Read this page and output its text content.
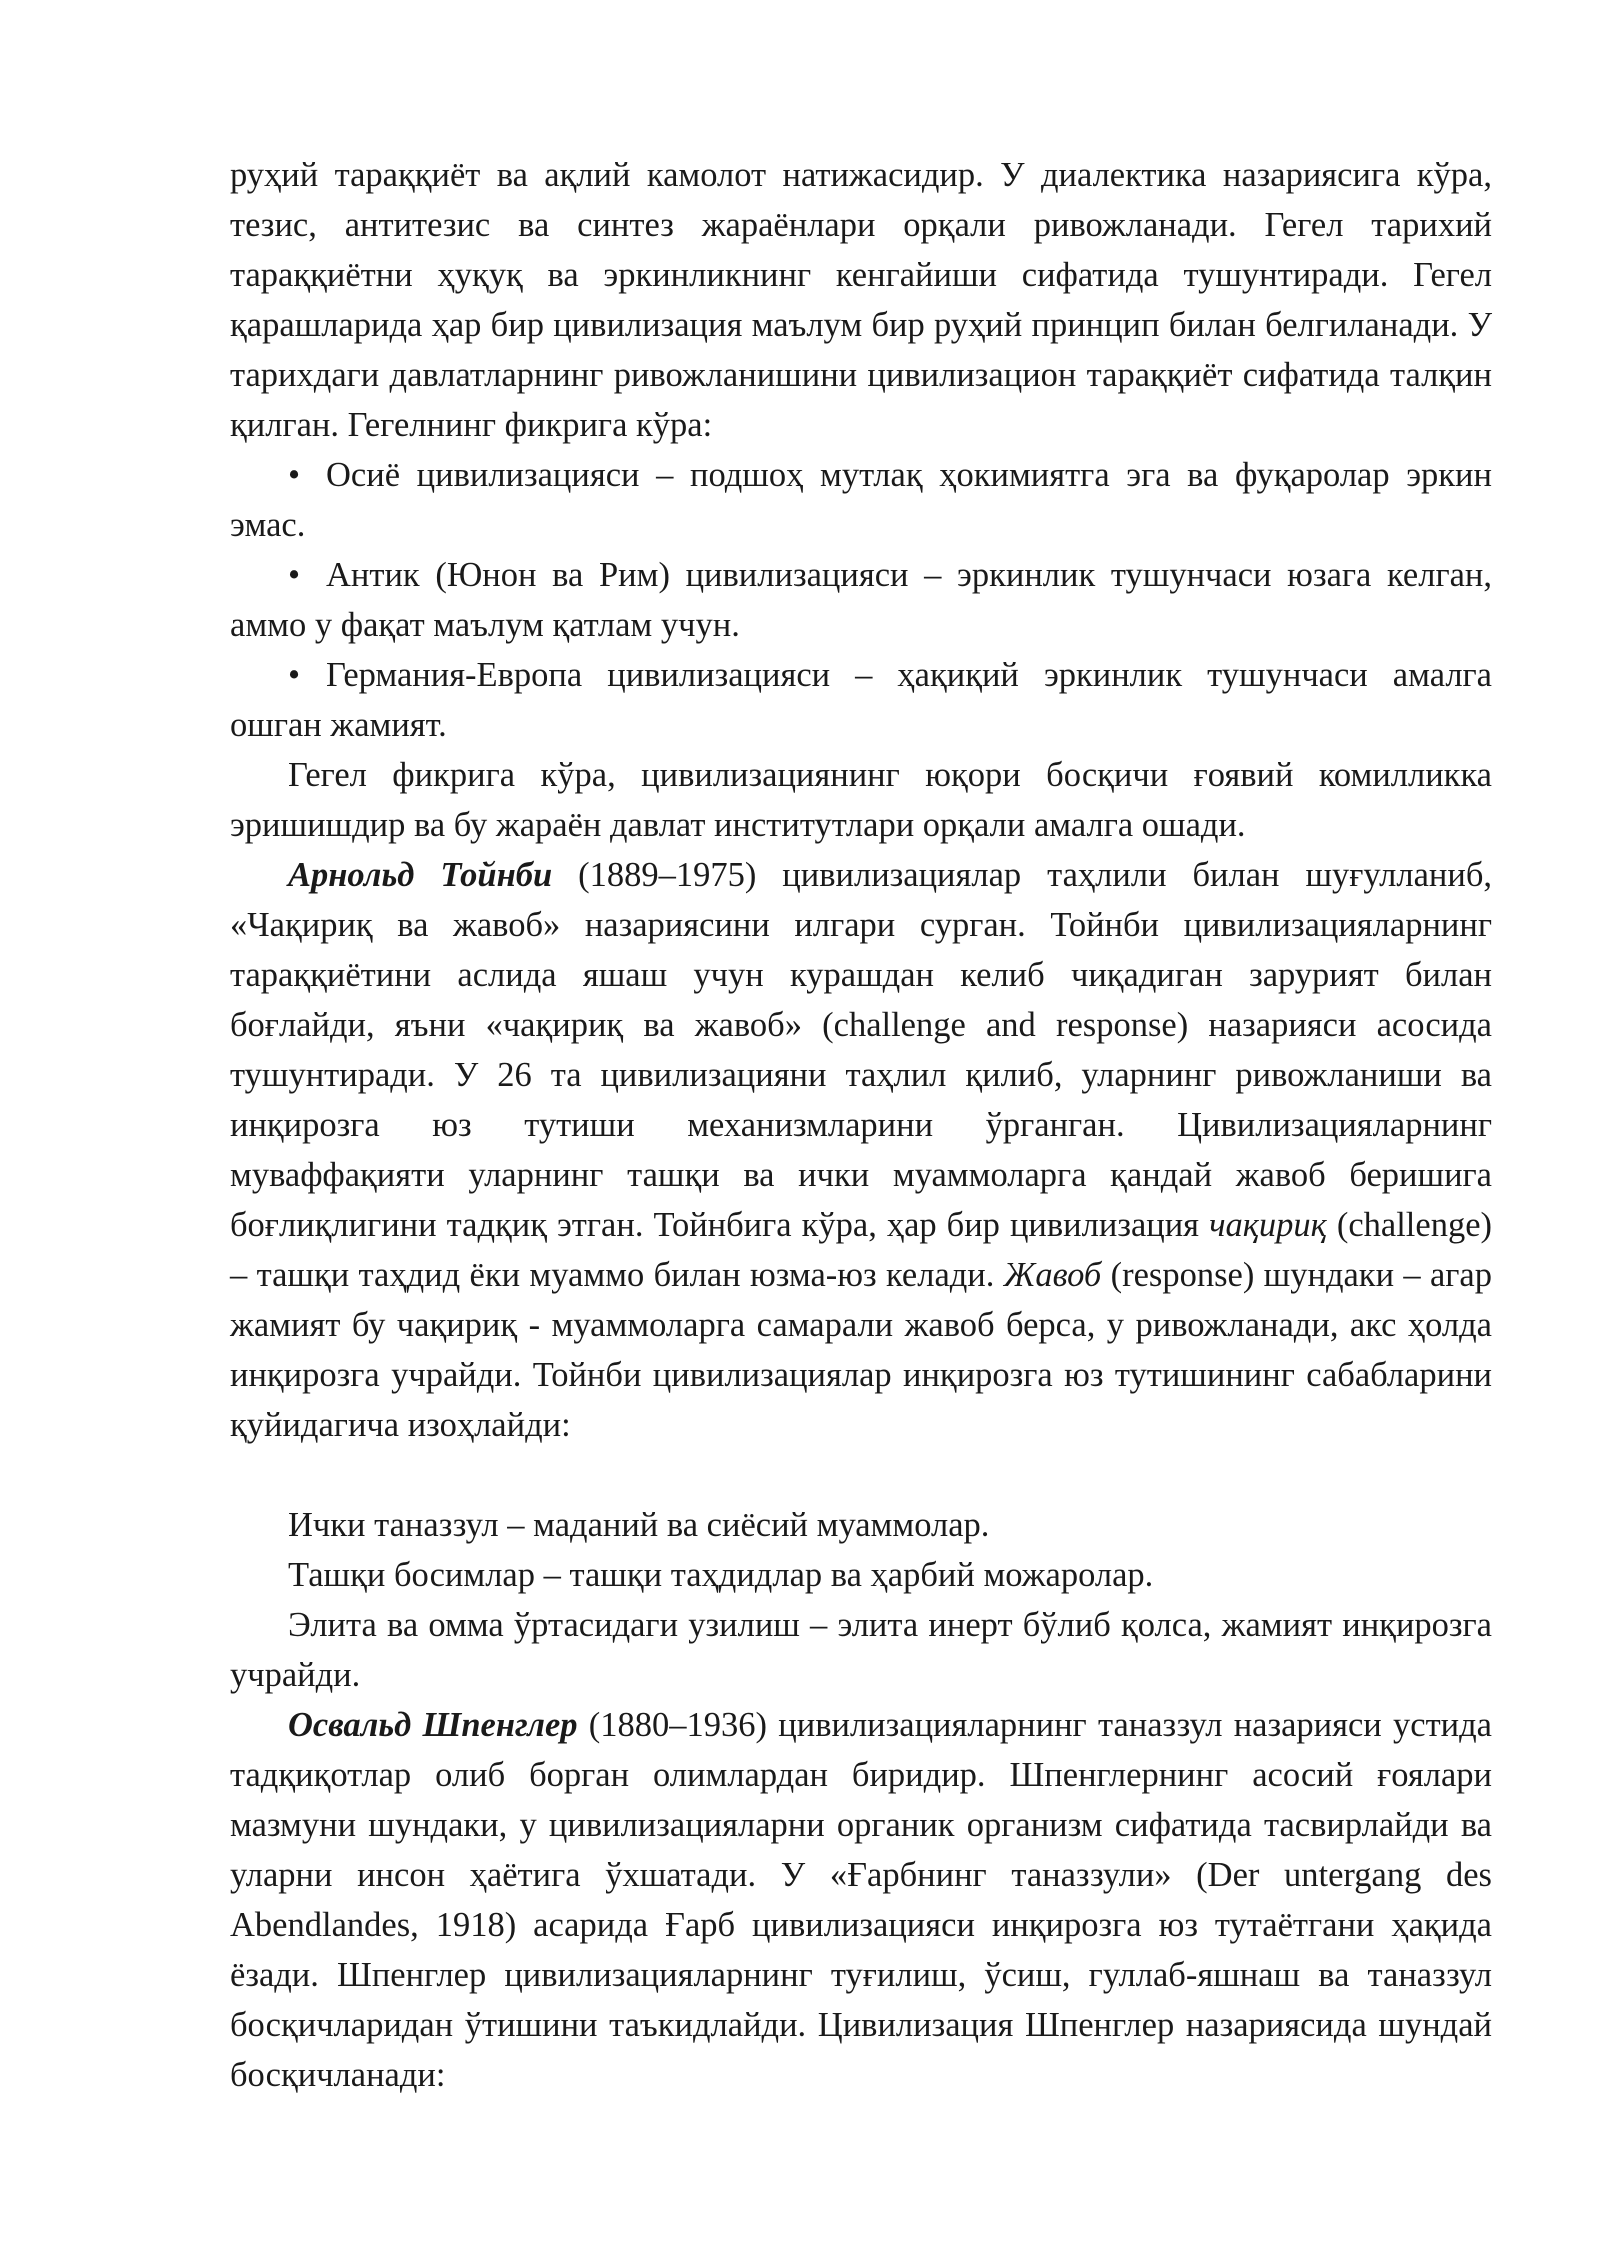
руҳий тараққиёт ва ақлий камолот натижасидир. У диалектика назариясига кўра, тезис, антитезис ва синтез жараёнлари орқали ривожланади. Гегел тарихий тараққиётни ҳуқуқ ва эркинликнинг кенгайиши сифатида тушунтиради. Гегел қарашларида ҳар бир цивилизация маълум бир руҳий принцип билан белгиланади. У тарихдаги давлатларнинг ривожланишини цивилизацион тараққиёт сифатида талқин қилган. Гегелнинг фикрига кўра:

• Осиё цивилизацияси – подшоҳ мутлақ ҳокимиятга эга ва фуқаролар эркин эмас.

• Антик (Юнон ва Рим) цивилизацияси – эркинлик тушунчаси юзага келган, аммо у фақат маълум қатлам учун.

• Германия-Европа цивилизацияси – ҳақиқий эркинлик тушунчаси амалга ошган жамият.

Гегел фикрига кўра, цивилизациянинг юқори босқичи ғоявий комилликка эришишдир ва бу жараён давлат институтлари орқали амалга ошади.

Арнольд Тойнби (1889–1975) цивилизациялар таҳлили билан шуғулланиб, «Чақириқ ва жавоб» назариясини илгари сурган. Тойнби цивилизацияларнинг тараққиётини аслида яшаш учун курашдан келиб чиқадиган зарурият билан боғлайди, яъни «чақириқ ва жавоб» (challenge and response) назарияси асосида тушунтиради. У 26 та цивилизацияни таҳлил қилиб, уларнинг ривожланиши ва инқирозга юз тутиши механизмларини ўрганган. Цивилизацияларнинг муваффақияти уларнинг ташқи ва ички муаммоларга қандай жавоб беришига боғлиқлигини тадқиқ этган. Тойнбига кўра, ҳар бир цивилизация чақириқ (challenge) – ташқи таҳдид ёки муаммо билан юзма-юз келади. Жавоб (response) шундаки – агар жамият бу чақириқ - муаммоларга самарали жавоб берса, у ривожланади, акс ҳолда инқирозга учрайди. Тойнби цивилизациялар инқирозга юз тутишининг сабабларини қуйидагича изоҳлайди:

Ички таназзул – маданий ва сиёсий муаммолар.

Ташқи босимлар – ташқи таҳдидлар ва ҳарбий можаролар.

Элита ва омма ўртасидаги узилиш – элита инерт бўлиб қолса, жамият инқирозга учрайди.

Освальд Шпенглер (1880–1936) цивилизацияларнинг таназзул назарияси устида тадқиқотлар олиб борган олимлардан биридир. Шпенглернинг асосий ғоялари мазмуни шундаки, у цивилизацияларни органик организм сифатида тасвирлайди ва уларни инсон ҳаётига ўхшатади. У «Ғарбнинг таназзули» (Der untergang des Abendlandes, 1918) асарида Ғарб цивилизацияси инқирозга юз тутаётгани ҳақида ёзади. Шпенглер цивилизацияларнинг туғилиш, ўсиш, гуллаб-яшнаш ва таназзул босқичларидан ўтишини таъкидлайди. Цивилизация Шпенглер назариясида шундай босқичланади:
